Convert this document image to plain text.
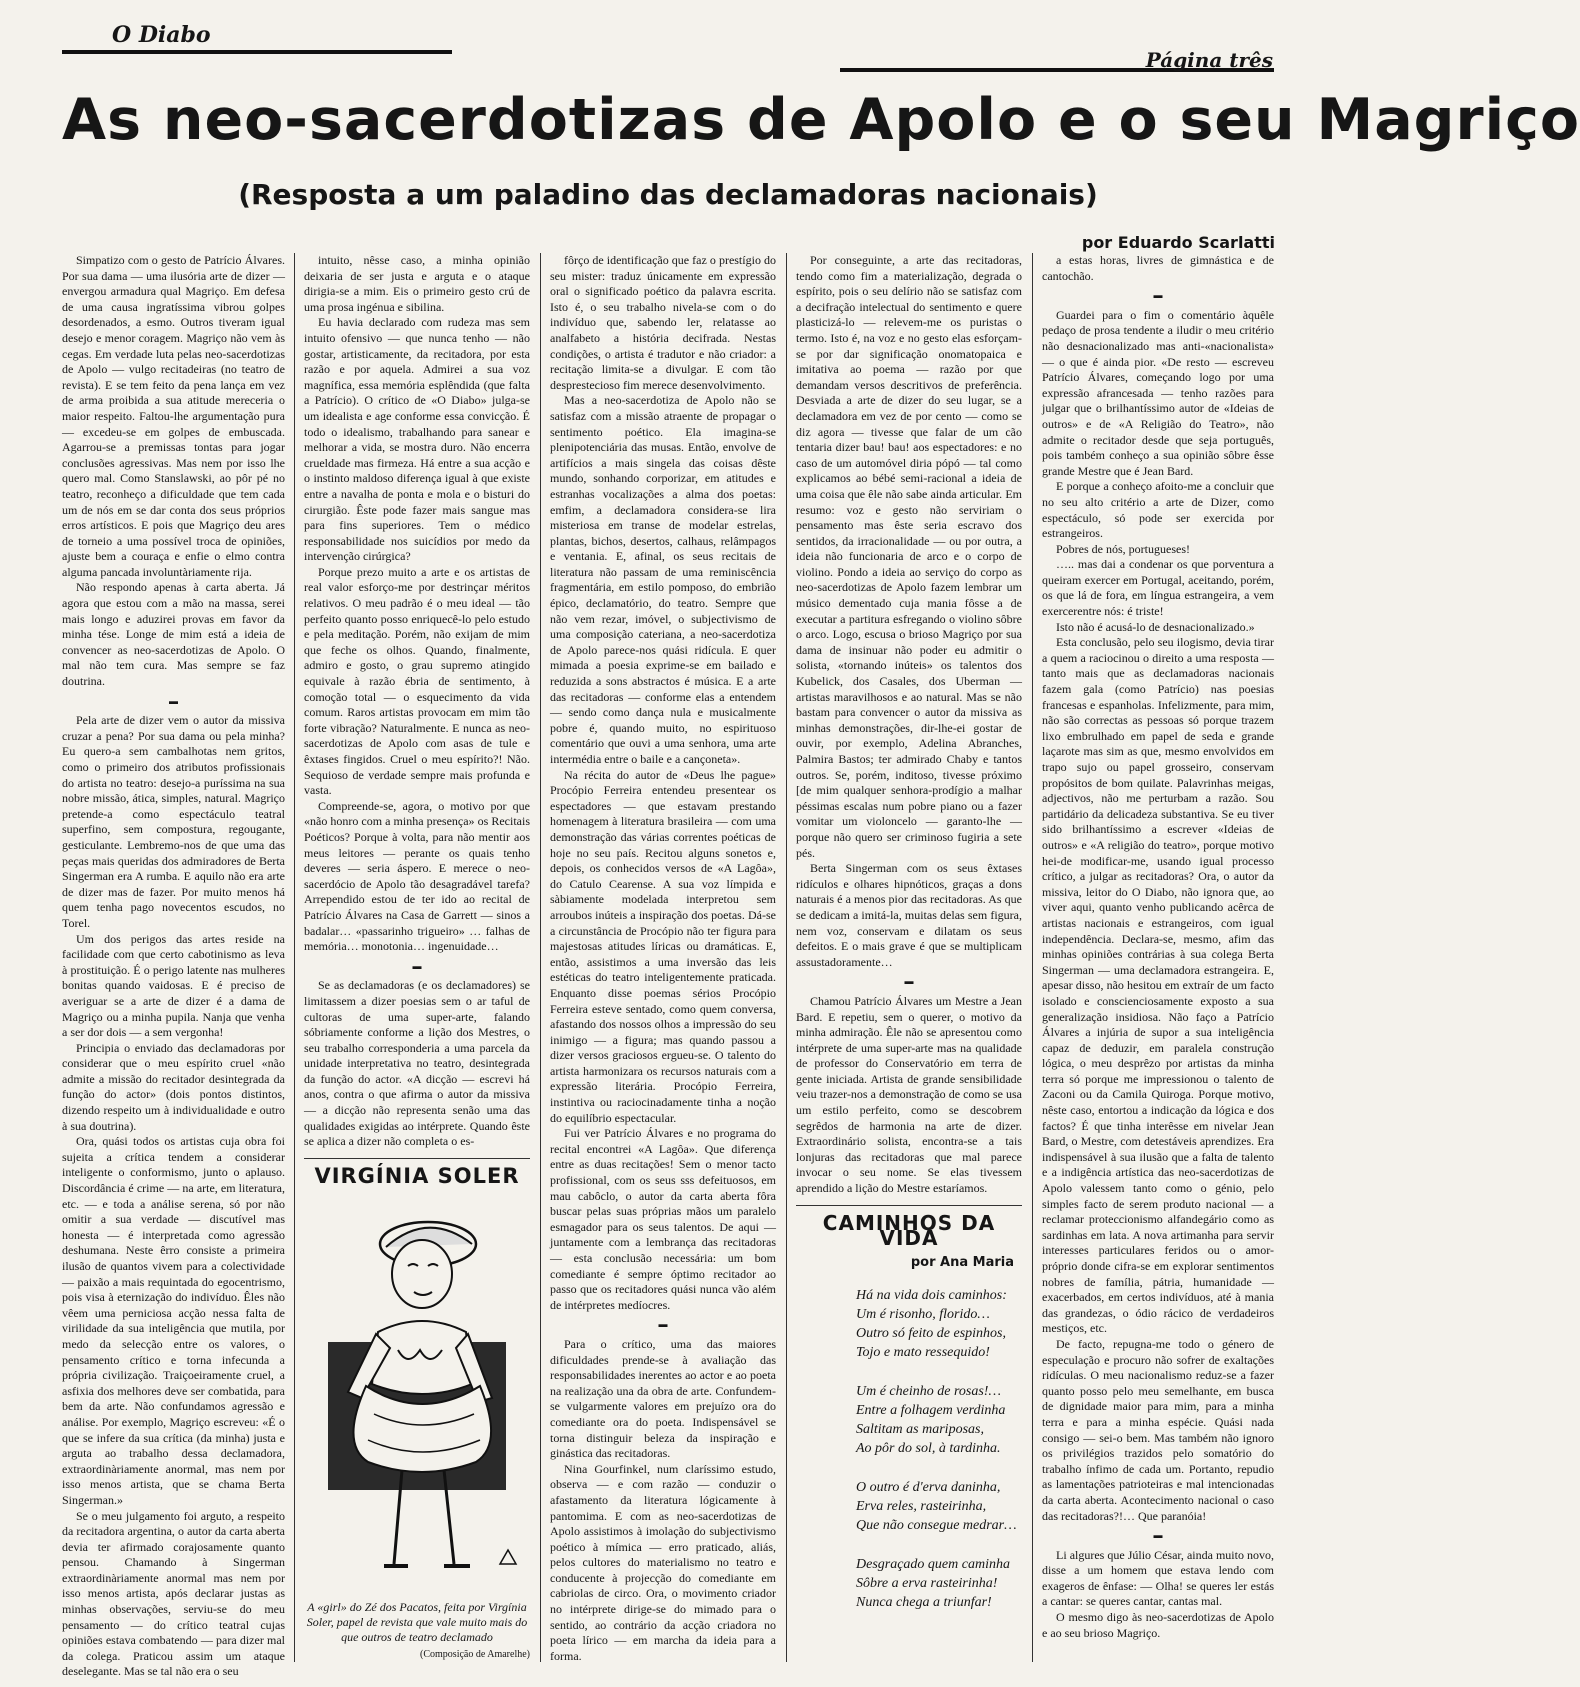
O Diabo
Página três
As neo-sacerdotizas de Apolo e o seu Magriço
(Resposta a um paladino das declamadoras nacionais)
por Eduardo Scarlatti

Simpatizo com o gesto de Patrício Álvares. Por sua dama — uma ilusória arte de dizer — envergou armadura qual Magriço. Em defesa de uma causa ingratíssima vibrou golpes desordenados, a esmo. Outros tiveram igual desejo e menor coragem. Magriço não vem às cegas. Em verdade luta pelas neo-sacerdotizas de Apolo — vulgo recitadeiras (no teatro de revista). E se tem feito da pena lança em vez de arma proibida a sua atitude mereceria o maior respeito. Faltou-lhe argumentação pura — excedeu-se em golpes de embuscada. Agarrou-se a premissas tontas para jogar conclusões agressivas. Mas nem por isso lhe quero mal. Como Stanslawski, ao pôr pé no teatro, reconheço a dificuldade que tem cada um de nós em se dar conta dos seus próprios erros artísticos. E pois que Magriço deu ares de torneio a uma possível troca de opiniões, ajuste bem a couraça e enfie o elmo contra alguma pancada involuntàriamente rija.

Não respondo apenas à carta aberta. Já agora que estou com a mão na massa, serei mais longo e aduzirei provas em favor da minha tése. Longe de mim está a ideia de convencer as neo-sacerdotizas de Apolo. O mal não tem cura. Mas sempre se faz doutrina.

▬

Pela arte de dizer vem o autor da missiva cruzar a pena? Por sua dama ou pela minha? Eu quero-a sem cambalhotas nem gritos, como o primeiro dos atributos profissionais do artista no teatro: desejo-a puríssima na sua nobre missão, ática, simples, natural. Magriço pretende-a como espectáculo teatral superfino, sem compostura, regougante, gesticulante. Lembremo-nos de que uma das peças mais queridas dos admiradores de Berta Singerman era A rumba. E aquilo não era arte de dizer mas de fazer. Por muito menos há quem tenha pago novecentos escudos, no Torel.

Um dos perigos das artes reside na facilidade com que certo cabotinismo as leva à prostituição. É o perigo latente nas mulheres bonitas quando vaidosas. E é preciso de averiguar se a arte de dizer é a dama de Magriço ou a minha pupila. Nanja que venha a ser dor dois — a sem vergonha!

Principia o enviado das declamadoras por considerar que o meu espírito cruel «não admite a missão do recitador desintegrada da função do actor» (dois pontos distintos, dizendo respeito um à individualidade e outro à sua doutrina).

Ora, quási todos os artistas cuja obra foi sujeita a crítica tendem a considerar inteligente o conformismo, junto o aplauso. Discordância é crime — na arte, em literatura, etc. — e toda a análise serena, só por não omitir a sua verdade — discutível mas honesta — é interpretada como agressão deshumana. Neste êrro consiste a primeira ilusão de quantos vivem para a colectividade — paixão a mais requintada do egocentrismo, pois visa à eternização do indivíduo. Êles não vêem uma perniciosa acção nessa falta de virilidade da sua inteligência que mutila, por medo da selecção entre os valores, o pensamento crítico e torna infecunda a própria civilização. Traiçoeiramente cruel, a asfixia dos melhores deve ser combatida, para bem da arte. Não confundamos agressão e análise. Por exemplo, Magriço escreveu: «É o que se infere da sua crítica (da minha) justa e arguta ao trabalho dessa declamadora, extraordinàriamente anormal, mas nem por isso menos artista, que se chama Berta Singerman.»

Se o meu julgamento foi arguto, a respeito da recitadora argentina, o autor da carta aberta devia ter afirmado corajosamente quanto pensou. Chamando à Singerman extraordinàriamente anormal mas nem por isso menos artista, após declarar justas as minhas observações, serviu-se do meu pensamento — do crítico teatral cujas opiniões estava combatendo — para dizer mal da colega. Praticou assim um ataque deselegante. Mas se tal não era o seu

intuito, nêsse caso, a minha opinião deixaria de ser justa e arguta e o ataque dirigia-se a mim. Eis o primeiro gesto crú de uma prosa ingénua e sibilina.

Eu havia declarado com rudeza mas sem intuito ofensivo — que nunca tenho — não gostar, artisticamente, da recitadora, por esta razão e por aquela. Admirei a sua voz magnífica, essa memória esplêndida (que falta a Patrício). O crítico de «O Diabo» julga-se um idealista e age conforme essa convicção. É todo o idealismo, trabalhando para sanear e melhorar a vida, se mostra duro. Não encerra crueldade mas firmeza. Há entre a sua acção e o instinto maldoso diferença igual à que existe entre a navalha de ponta e mola e o bisturi do cirurgião. Êste pode fazer mais sangue mas para fins superiores. Tem o médico responsabilidade nos suicídios por medo da intervenção cirúrgica?

Porque prezo muito a arte e os artistas de real valor esforço-me por destrinçar méritos relativos. O meu padrão é o meu ideal — tão perfeito quanto posso enriquecê-lo pelo estudo e pela meditação. Porém, não exijam de mim que feche os olhos. Quando, finalmente, admiro e gosto, o grau supremo atingido equivale à razão ébria de sentimento, à comoção total — o esquecimento da vida comum. Raros artistas provocam em mim tão forte vibração? Naturalmente. E nunca as neo-sacerdotizas de Apolo com asas de tule e êxtases fingidos. Cruel o meu espírito?! Não. Sequioso de verdade sempre mais profunda e vasta.

Compreende-se, agora, o motivo por que «não honro com a minha presença» os Recitais Poéticos? Porque à volta, para não mentir aos meus leitores — perante os quais tenho deveres — seria áspero. E merece o neo-sacerdócio de Apolo tão desagradável tarefa? Arrependido estou de ter ido ao recital de Patrício Álvares na Casa de Garrett — sinos a badalar… «passarinho trigueiro» … falhas de memória… monotonia… ingenuidade…

▬

Se as declamadoras (e os declamadores) se limitassem a dizer poesias sem o ar taful de cultoras de uma super-arte, falando sóbriamente conforme a lição dos Mestres, o seu trabalho corresponderia a uma parcela da unidade interpretativa no teatro, desintegrada da função do actor. «A dicção — escrevi há anos, contra o que afirma o autor da missiva — a dicção não representa senão uma das qualidades exigidas ao intérprete. Quando êste se aplica a dizer não completa o es-

VIRGÍNIA SOLER
A «girl» do Zé dos Pacatos, feita por Virgínia Soler, papel de revista que vale muito mais do que outros de teatro declamado
(Composição de Amarelhe)

fôrço de identificação que faz o prestígio do seu mister: traduz únicamente em expressão oral o significado poético da palavra escrita. Isto é, o seu trabalho nivela-se com o do indivíduo que, sabendo ler, relatasse ao analfabeto a história decifrada. Nestas condições, o artista é tradutor e não criador: a recitação limita-se a divulgar. E com tão desprestecioso fim merece desenvolvimento.

Mas a neo-sacerdotiza de Apolo não se satisfaz com a missão atraente de propagar o sentimento poético. Ela imagina-se plenipotenciária das musas. Então, envolve de artifícios a mais singela das coisas dêste mundo, sonhando corporizar, em atitudes e estranhas vocalizações a alma dos poetas: emfim, a declamadora considera-se lira misteriosa em transe de modelar estrelas, plantas, bichos, desertos, calhaus, relâmpagos e ventania. E, afinal, os seus recitais de literatura não passam de uma reminiscência fragmentária, em estilo pomposo, do embrião épico, declamatório, do teatro. Sempre que não vem rezar, imóvel, o subjectivismo de uma composição cateriana, a neo-sacerdotiza de Apolo parece-nos quási ridícula. E quer mimada a poesia exprime-se em bailado e reduzida a sons abstractos é música. E a arte das recitadoras — conforme elas a entendem — sendo como dança nula e musicalmente pobre é, quando muito, no espirituoso comentário que ouvi a uma senhora, uma arte intermédia entre o baile e a cançoneta».

Na récita do autor de «Deus lhe pague» Procópio Ferreira entendeu presentear os espectadores — que estavam prestando homenagem à literatura brasileira — com uma demonstração das várias correntes poéticas de hoje no seu país. Recitou alguns sonetos e, depois, os conhecidos versos de «A Lagôa», do Catulo Cearense. A sua voz límpida e sàbiamente modelada interpretou sem arroubos inúteis a inspiração dos poetas. Dá-se a circunstância de Procópio não ter figura para majestosas atitudes líricas ou dramáticas. E, então, assistimos a uma inversão das leis estéticas do teatro inteligentemente praticada. Enquanto disse poemas sérios Procópio Ferreira esteve sentado, como quem conversa, afastando dos nossos olhos a impressão do seu inimigo — a figura; mas quando passou a dizer versos graciosos ergueu-se. O talento do artista harmonizara os recursos naturais com a expressão literária. Procópio Ferreira, instintiva ou raciocinadamente tinha a noção do equilíbrio espectacular.

Fui ver Patrício Álvares e no programa do recital encontrei «A Lagôa». Que diferença entre as duas recitações! Sem o menor tacto profissional, com os seus sss defeituosos, em mau cabôclo, o autor da carta aberta fôra buscar pelas suas próprias mãos um paralelo esmagador para os seus talentos. De aqui — juntamente com a lembrança das recitadoras — esta conclusão necessária: um bom comediante é sempre óptimo recitador ao passo que os recitadores quási nunca vão além de intérpretes medíocres.

▬

Para o crítico, uma das maiores dificuldades prende-se à avaliação das responsabilidades inerentes ao actor e ao poeta na realização una da obra de arte. Confundem-se vulgarmente valores em prejuízo ora do comediante ora do poeta. Indispensável se torna distinguir beleza da inspiração e ginástica das recitadoras.

Nina Gourfinkel, num claríssimo estudo, observa — e com razão — conduzir o afastamento da literatura lógicamente à pantomima. E com as neo-sacerdotizas de Apolo assistimos à imolação do subjectivismo poético à mímica — erro praticado, aliás, pelos cultores do materialismo no teatro e conducente à projecção do comediante em cabriolas de circo. Ora, o movimento criador no intérprete dirige-se do mimado para o sentido, ao contrário da acção criadora no poeta lírico — em marcha da ideia para a forma.

Por conseguinte, a arte das recitadoras, tendo como fim a materialização, degrada o espírito, pois o seu delírio não se satisfaz com a decifração intelectual do sentimento e quere plasticizá-lo — relevem-me os puristas o termo. Isto é, na voz e no gesto elas esforçam-se por dar significação onomatopaica e imitativa ao poema — razão por que demandam versos descritivos de preferência. Desviada a arte de dizer do seu lugar, se a declamadora em vez de por cento — como se diz agora — tivesse que falar de um cão tentaria dizer bau! bau! aos espectadores: e no caso de um automóvel diria pópó — tal como explicamos ao bébé semi-racional a ideia de uma coisa que êle não sabe ainda articular. Em resumo: voz e gesto não serviriam o pensamento mas êste seria escravo dos sentidos, da irracionalidade — ou por outra, a ideia não funcionaria de arco e o corpo de violino. Pondo a ideia ao serviço do corpo as neo-sacerdotizas de Apolo fazem lembrar um músico dementado cuja mania fôsse a de executar a partitura esfregando o violino sôbre o arco. Logo, escusa o brioso Magriço por sua dama de insinuar não poder eu admitir o solista, «tornando inúteis» os talentos dos Kubelick, dos Casales, dos Uberman — artistas maravilhosos e ao natural. Mas se não bastam para convencer o autor da missiva as minhas demonstrações, dir-lhe-ei gostar de ouvir, por exemplo, Adelina Abranches, Palmira Bastos; ter admirado Chaby e tantos outros. Se, porém, inditoso, tivesse próximo [de mim qualquer senhora-prodígio a malhar péssimas escalas num pobre piano ou a fazer vomitar um violoncelo — garanto-lhe — porque não quero ser criminoso fugiria a sete pés.

Berta Singerman com os seus êxtases ridículos e olhares hipnóticos, graças a dons naturais é a menos pior das recitadoras. As que se dedicam a imitá-la, muitas delas sem figura, nem voz, conservam e dilatam os seus defeitos. E o mais grave é que se multiplicam assustadoramente…

▬

Chamou Patrício Álvares um Mestre a Jean Bard. E repetiu, sem o querer, o motivo da minha admiração. Êle não se apresentou como intérprete de uma super-arte mas na qualidade de professor do Conservatório em terra de gente iniciada. Artista de grande sensibilidade veiu trazer-nos a demonstração de como se usa um estilo perfeito, como se descobrem segrêdos de harmonia na arte de dizer. Extraordinário solista, encontra-se a tais lonjuras das recitadoras que mal parece invocar o seu nome. Se elas tivessem aprendido a lição do Mestre estaríamos.

CAMINHOS DA VIDA
por Ana Maria
Há na vida dois caminhos:
Um é risonho, florido…
Outro só feito de espinhos,
Tojo e mato ressequido!
Um é cheinho de rosas!…
Entre a folhagem verdinha
Saltitam as mariposas,
Ao pôr do sol, à tardinha.
O outro é d'erva daninha,
Erva reles, rasteirinha,
Que não consegue medrar…
Desgraçado quem caminha
Sôbre a erva rasteirinha!
Nunca chega a triunfar!

a estas horas, livres de gimnástica e de cantochão.

▬

Guardei para o fim o comentário àquêle pedaço de prosa tendente a iludir o meu critério não desnacionalizado mas anti-«nacionalista» — o que é ainda pior. «De resto — escreveu Patrício Álvares, começando logo por uma expressão afrancesada — tenho razões para julgar que o brilhantíssimo autor de «Ideias de outros» e de «A Religião do Teatro», não admite o recitador desde que seja português, pois também conheço a sua opinião sôbre êsse grande Mestre que é Jean Bard.

E porque a conheço afoito-me a concluir que no seu alto critério a arte de Dizer, como espectáculo, só pode ser exercida por estrangeiros.

Pobres de nós, portugueses!

….. mas dai a condenar os que porventura a queiram exercer em Portugal, aceitando, porém, os que lá de fora, em língua estrangeira, a vem exercerentre nós: é triste!

Isto não é acusá-lo de desnacionalizado.»

Esta conclusão, pelo seu ilogismo, devia tirar a quem a raciocinou o direito a uma resposta — tanto mais que as declamadoras nacionais fazem gala (como Patrício) nas poesias francesas e espanholas. Infelizmente, para mim, não são correctas as pessoas só porque trazem lixo embrulhado em papel de seda e grande laçarote mas sim as que, mesmo envolvidos em trapo sujo ou papel grosseiro, conservam propósitos de bom quilate. Palavrinhas meigas, adjectivos, não me perturbam a razão. Sou partidário da delicadeza substantiva. Se eu tiver sido brilhantíssimo a escrever «Ideias de outros» e «A religião do teatro», porque motivo hei-de modificar-me, usando igual processo crítico, a julgar as recitadoras? Ora, o autor da missiva, leitor do O Diabo, não ignora que, ao viver aqui, quanto venho publicando acêrca de artistas nacionais e estrangeiros, com igual independência. Declara-se, mesmo, afim das minhas opiniões contrárias à sua colega Berta Singerman — uma declamadora estrangeira. E, apesar disso, não hesitou em extraír de um facto isolado e conscienciosamente exposto a sua generalização insidiosa. Não faço a Patrício Álvares a injúria de supor a sua inteligência capaz de deduzir, em paralela construção lógica, o meu desprêzo por artistas da minha terra só porque me impressionou o talento de Zaconi ou da Camila Quiroga. Porque motivo, nêste caso, entortou a indicação da lógica e dos factos? É que tinha interêsse em nivelar Jean Bard, o Mestre, com detestáveis aprendizes. Era indispensável à sua ilusão que a falta de talento e a indigência artística das neo-sacerdotizas de Apolo valessem tanto como o génio, pelo simples facto de serem produto nacional — a reclamar proteccionismo alfandegário como as sardinhas em lata. A nova artimanha para servir interesses particulares feridos ou o amor-próprio donde cifra-se em explorar sentimentos nobres de família, pátria, humanidade — exacerbados, em certos indivíduos, até à mania das grandezas, o ódio rácico de verdadeiros mestiços, etc.

De facto, repugna-me todo o género de especulação e procuro não sofrer de exaltações ridículas. O meu nacionalismo reduz-se a fazer quanto posso pelo meu semelhante, em busca de dignidade maior para mim, para a minha terra e para a minha espécie. Quási nada consigo — sei-o bem. Mas também não ignoro os privilégios trazidos pelo somatório do trabalho ínfimo de cada um. Portanto, repudio as lamentações patrioteiras e mal intencionadas da carta aberta. Acontecimento nacional o caso das recitadoras?!… Que paranóia!

▬

Li algures que Júlio César, ainda muito novo, disse a um homem que estava lendo com exageros de ênfase: — Olha! se queres ler estás a cantar: se queres cantar, cantas mal.

O mesmo digo às neo-sacerdotizas de Apolo e ao seu brioso Magriço.
